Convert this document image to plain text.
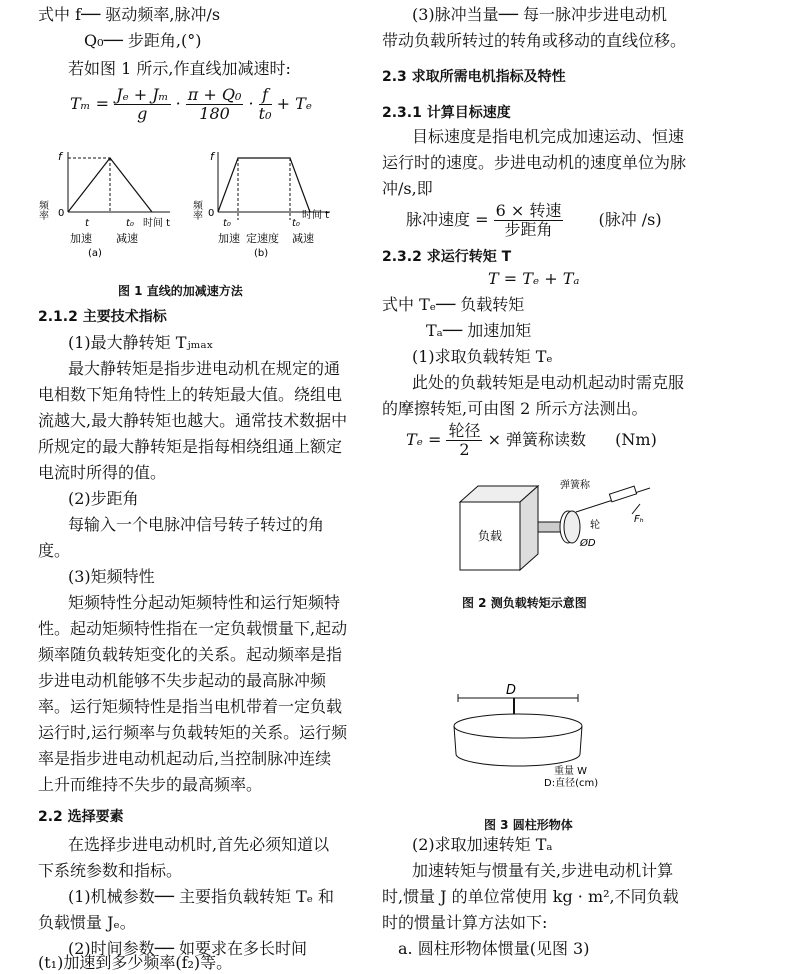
式中 f── 驱动频率,脉冲/s
Q₀── 步距角,(°)
若如图 1 所示,作直线加减速时:
$T_m = \frac{\text{Jₑ + Jₘ}}{g} \cdot \frac{\text{π + Q₀}}{180} \cdot \frac{f}{\text{t₀}} + T_e$
频率
f
0
t	t₀ 时间 t
加速 减速
(a)
频率
f
0
t₀	t₀
时间 t
加速 定速度 减速
(b)
图 1 直线的加减速方法
2.1.2 主要技术指标
(1)最大静转矩 Tⱼₘₐₓ
最大静转矩是指步进电动机在规定的通
电相数下矩角特性上的转矩最大值。绕组电
流越大,最大静转矩也越大。通常技术数据中
所规定的最大静转矩是指每相绕组通上额定
电流时所得的值。
(2)步距角
每输入一个电脉冲信号转子转过的角
度。
(3)矩频特性
矩频特性分起动矩频特性和运行矩频特
性。起动矩频特性指在一定负载惯量下,起动
频率随负载转矩变化的关系。起动频率是指
步进电动机能够不失步起动的最高脉冲频
率。运行矩频特性是指当电机带着一定负载
运行时,运行频率与负载转矩的关系。运行频
率是指步进电动机起动后,当控制脉冲连续
上升而维持不失步的最高频率。
2.2 选择要素
在选择步进电动机时,首先必须知道以
下系统参数和指标。
(1)机械参数── 主要指负载转矩 Tₑ 和
负载惯量 Jₑ。
(2)时间参数── 如要求在多长时间
(t₁)加速到多少频率(f₂)等。
(3)脉冲当量── 每一脉冲步进电动机
带动负载所转过的转角或移动的直线位移。
2.3 求取所需电机指标及特性
2.3.1 计算目标速度
目标速度是指电机完成加速运动、恒速
运行时的速度。步进电动机的速度单位为脉
冲/s,即
脉冲速度 = $\frac{\text{6 × 转速}}{\text{步距角}}$ (脉冲 /s)
2.3.2 求运行转矩 T
T = Tₑ + Tₐ
式中 Tₑ── 负载转矩
Tₐ── 加速加矩
(1)求取负载转矩 Tₑ
此处的负载转矩是电动机起动时需克服
的摩擦转矩,可由图 2 所示方法测出。
$T_e = \frac{\text{轮径}}{2}$ × 弹簧称读数 (Nm)
负载
弹簧称
轮
ØD
Fₕ
图 2 测负载转矩示意图
D
重量 W
D:直径(cm)
图 3 圆柱形物体
(2)求取加速转矩 Tₐ
加速转矩与惯量有关,步进电动机计算
时,惯量 J 的单位常使用 kg · m²,不同负载
时的惯量计算方法如下:
a. 圆柱形物体惯量(见图 3)
